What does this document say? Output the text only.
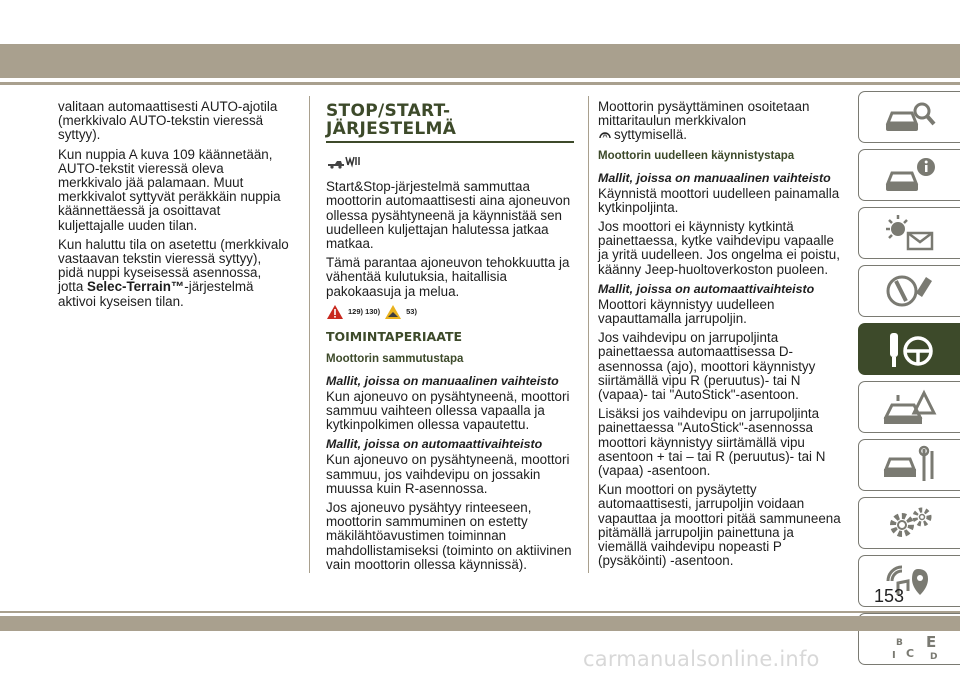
valitaan automaattisesti AUTO-ajotila (merkkivalo AUTO-tekstin vieressä syttyy).

Kun nuppia A kuva 109 käännetään, AUTO-tekstit vieressä oleva merkkivalo jää palamaan. Muut merkkivalot syttyvät peräkkäin nuppia käännettäessä ja osoittavat kuljettajalle uuden tilan.

Kun haluttu tila on asetettu (merkkivalo vastaavan tekstin vieressä syttyy), pidä nuppi kyseisessä asennossa, jotta Selec-Terrain™-järjestelmä aktivoi kyseisen tilan.

STOP/START-
JÄRJESTELMÄ

Start&Stop-järjestelmä sammuttaa moottorin automaattisesti aina ajoneuvon ollessa pysähtyneenä ja käynnistää sen uudelleen kuljettajan halutessa jatkaa matkaa.

Tämä parantaa ajoneuvon tehokkuutta ja vähentää kulutuksia, haitallisia pakokaasuja ja melua.

129) 130)	53)
TOIMINTAPERIAATE
Moottorin sammutustapa
Mallit, joissa on manuaalinen vaihteisto

Kun ajoneuvo on pysähtyneenä, moottori sammuu vaihteen ollessa vapaalla ja kytkinpolkimen ollessa vapautettu.

Mallit, joissa on automaattivaihteisto

Kun ajoneuvo on pysähtyneenä, moottori sammuu, jos vaihdevipu on jossakin muussa kuin R-asennossa.

Jos ajoneuvo pysähtyy rinteeseen, moottorin sammuminen on estetty mäkilähtöavustimen toiminnan mahdollistamiseksi (toiminto on aktiivinen vain moottorin ollessa käynnissä).

Moottorin pysäyttäminen osoitetaan mittaritaulun merkkivalon

A syttymisellä.

Moottorin uudelleen käynnistystapa
Mallit, joissa on manuaalinen vaihteisto

Käynnistä moottori uudelleen painamalla kytkinpoljinta.

Jos moottori ei käynnisty kytkintä painettaessa, kytke vaihdevipu vapaalle ja yritä uudelleen. Jos ongelma ei poistu, käänny Jeep-huoltoverkoston puoleen.

Mallit, joissa on automaattivaihteisto

Moottori käynnistyy uudelleen vapauttamalla jarrupoljin.

Jos vaihdevipu on jarrupoljinta painettaessa automaattisessa D-asennossa (ajo), moottori käynnistyy siirtämällä vipu R (peruutus)- tai N (vapaa)- tai "AutoStick"-asentoon.

Lisäksi jos vaihdevipu on jarrupoljinta painettaessa "AutoStick"-asennossa moottori käynnistyy siirtämällä vipu asentoon + tai – tai R (peruutus)- tai N (vapaa) -asentoon.

Kun moottori on pysäytetty automaattisesti, jarrupoljin voidaan vapauttaa ja moottori pitää sammuneena pitämällä jarrupoljin painettuna ja viemällä vaihdevipu nopeasti P (pysäköinti) -asentoon.

E
B
C D
I
153
carmanualsonline.info
